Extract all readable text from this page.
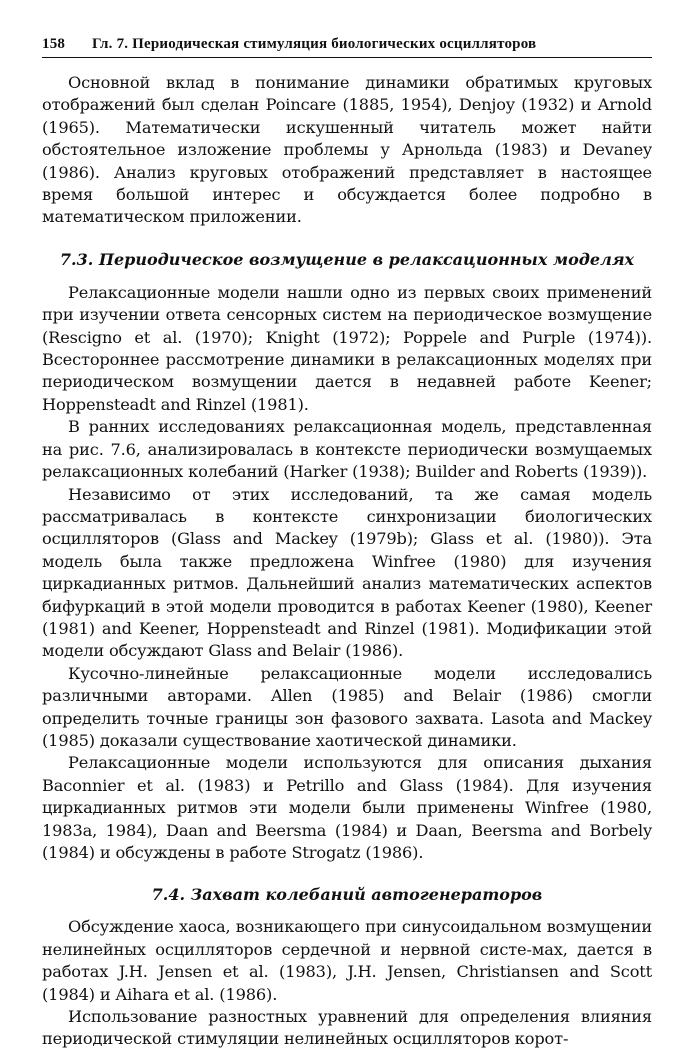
158	Гл. 7. Периодическая стимуляция биологических осцилляторов

Основной вклад в понимание динамики обратимых круговых отображений был сделан Poincare (1885, 1954), Denjoy (1932) и Arnold (1965). Математически искушенный читатель может найти обстоятельное изложение проблемы у Арнольда (1983) и Devaney (1986). Анализ круговых отображений представляет в настоящее время большой интерес и обсуждается более подробно в математическом приложении.

7.3. Периодическое возмущение в релаксационных моделях

Релаксационные модели нашли одно из первых своих применений при изучении ответа сенсорных систем на периодическое возмущение (Rescigno et al. (1970); Knight (1972); Poppele and Purple (1974)). Всестороннее рассмотрение динамики в релаксационных моделях при периодическом возмущении дается в недавней работе Keener; Hoppensteadt and Rinzel (1981).

В ранних исследованиях релаксационная модель, представленная на рис. 7.6, анализировалась в контексте периодически возмущаемых релаксационных колебаний (Harker (1938); Builder and Roberts (1939)).

Независимо от этих исследований, та же самая модель рассматривалась в контексте синхронизации биологических осцилляторов (Glass and Mackey (1979b); Glass et al. (1980)). Эта модель была также предложена Winfree (1980) для изучения циркадианных ритмов. Дальнейший анализ математических аспектов бифуркаций в этой модели проводится в работах Keener (1980), Keener (1981) and Keener, Hoppensteadt and Rinzel (1981). Модификации этой модели обсуждают Glass and Belair (1986).

Кусочно-линейные релаксационные модели исследовались различными авторами. Allen (1985) and Belair (1986) смогли определить точные границы зон фазового захвата. Lasota and Mackey (1985) доказали существование хаотической динамики.

Релаксационные модели используются для описания дыхания Baconnier et al. (1983) и Petrillo and Glass (1984). Для изучения циркадианных ритмов эти модели были применены Winfree (1980, 1983a, 1984), Daan and Beersma (1984) и Daan, Beersma and Borbely (1984) и обсуждены в работе Strogatz (1986).

7.4. Захват колебаний автогенераторов

Обсуждение хаоса, возникающего при синусоидальном возмущении нелинейных осцилляторов сердечной и нервной систе-мах, дается в работах J.H. Jensen et al. (1983), J.H. Jensen, Christiansen and Scott (1984) и Aihara et al. (1986).

Использование разностных уравнений для определения влияния периодической стимуляции нелинейных осцилляторов корот-
